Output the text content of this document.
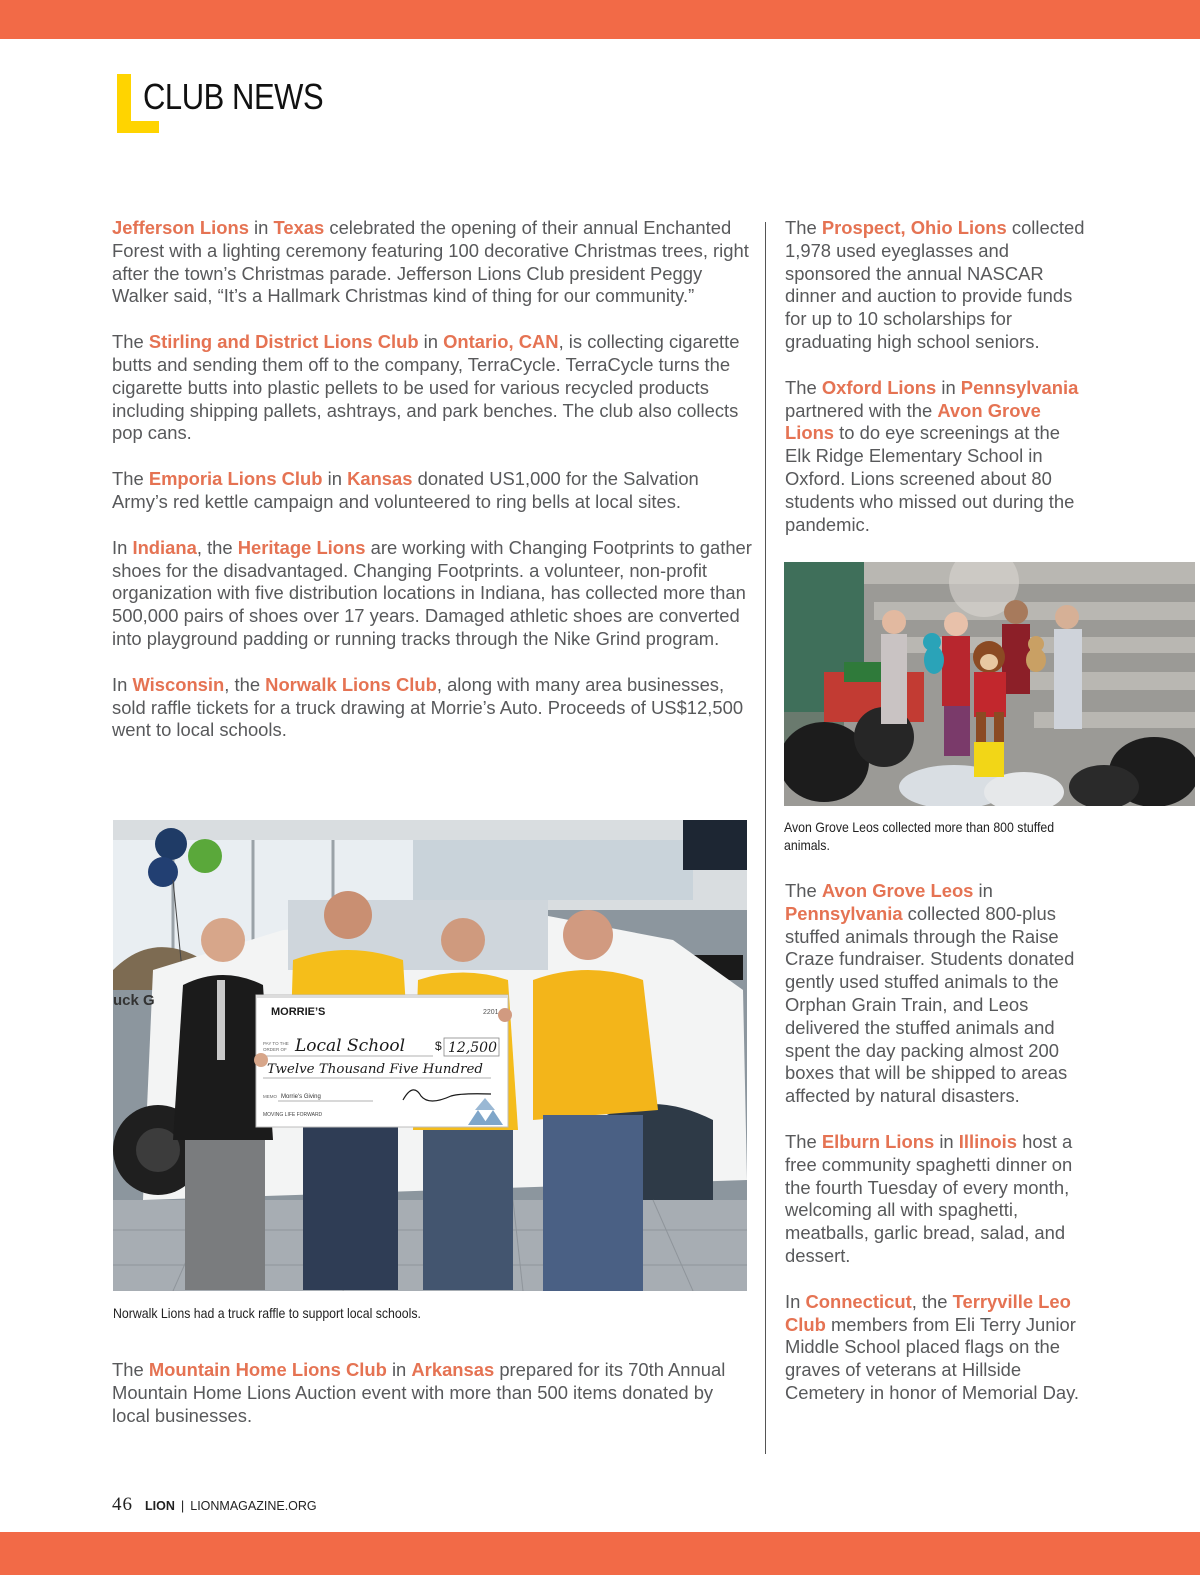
CLUB NEWS

Jefferson Lions in Texas celebrated the opening of their annual Enchanted Forest with a lighting ceremony featuring 100 decorative Christmas trees, right after the town’s Christmas parade. Jefferson Lions Club president Peggy Walker said, “It’s a Hallmark Christmas kind of thing for our community.”

The Stirling and District Lions Club in Ontario, CAN, is collecting cigarette butts and sending them off to the company, TerraCycle. TerraCycle turns the cigarette butts into plastic pellets to be used for various recycled products including shipping pallets, ashtrays, and park benches. The club also collects pop cans.

The Emporia Lions Club in Kansas donated US1,000 for the Salvation Army’s red kettle campaign and volunteered to ring bells at local sites.

In Indiana, the Heritage Lions are working with Changing Footprints to gather shoes for the disadvantaged. Changing Footprints. a volunteer, non-profit organization with five distribution locations in Indiana, has collected more than 500,000 pairs of shoes over 17 years. Damaged athletic shoes are converted into playground padding or running tracks through the Nike Grind program.

In Wisconsin, the Norwalk Lions Club, along with many area businesses, sold raffle tickets for a truck drawing at Morrie’s Auto. Proceeds of US$12,500 went to local schools.

uck G
MORRIE’S	2201
PAY TO THE
ORDER OF Local School $ 12,500
Twelve Thousand Five Hundred
MEMO Morrie's Giving
MOVING LIFE FORWARD

Norwalk Lions had a truck raffle to support local schools.

The Mountain Home Lions Club in Arkansas prepared for its 70th Annual Mountain Home Lions Auction event with more than 500 items donated by local businesses.

The Prospect, Ohio Lions collected 1,978 used eyeglasses and sponsored the annual NASCAR dinner and auction to provide funds for up to 10 scholarships for graduating high school seniors.

The Oxford Lions in Pennsylvania partnered with the Avon Grove Lions to do eye screenings at the Elk Ridge Elementary School in Oxford. Lions screened about 80 students who missed out during the pandemic.

Avon Grove Leos collected more than 800 stuffed animals.

The Avon Grove Leos in Pennsylvania collected 800-plus stuffed animals through the Raise Craze fundraiser. Students donated gently used stuffed animals to the Orphan Grain Train, and Leos delivered the stuffed animals and spent the day packing almost 200 boxes that will be shipped to areas affected by natural disasters.

The Elburn Lions in Illinois host a free community spaghetti dinner on the fourth Tuesday of every month, welcoming all with spaghetti, meatballs, garlic bread, salad, and dessert.

In Connecticut, the Terryville Leo Club members from Eli Terry Junior Middle School placed flags on the graves of veterans at Hillside Cemetery in honor of Memorial Day.

46 LION | LIONMAGAZINE.ORG
